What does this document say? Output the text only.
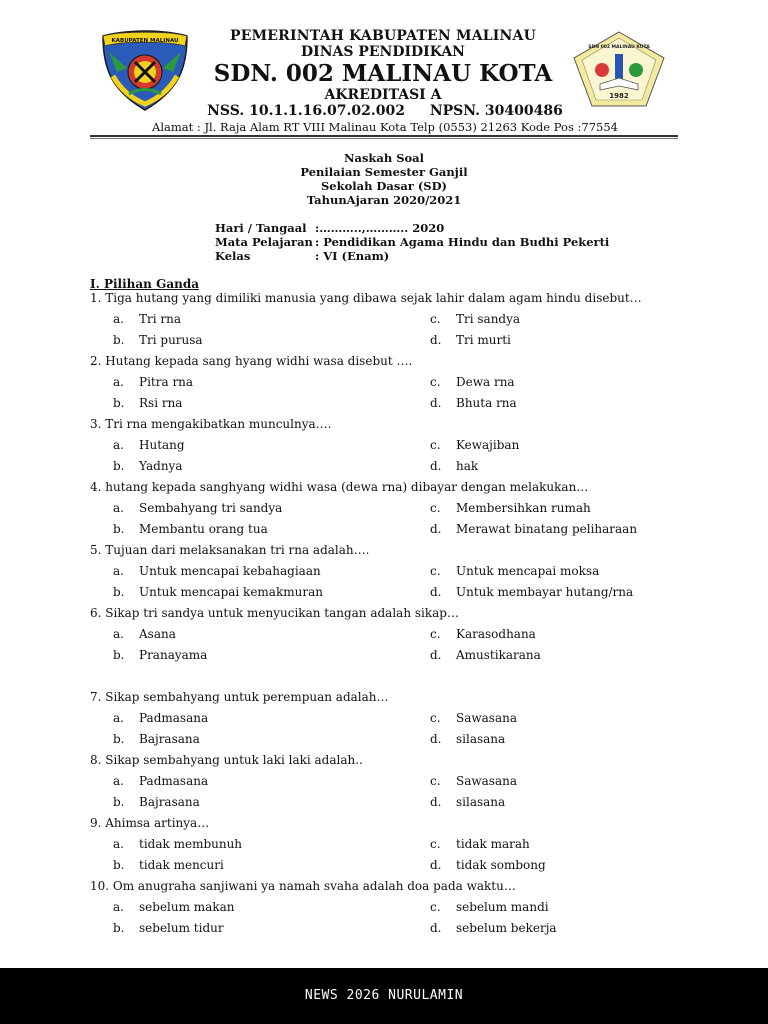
KABUPATEN MALINAU
SDN 002 MALINAU KOTA
1982
PEMERINTAH KABUPATEN MALINAU
DINAS PENDIDIKAN
SDN. 002 MALINAU KOTA
AKREDITASI A
NSS. 10.1.1.16.07.02.002 NPSN. 30400486
Alamat : Jl. Raja Alam RT VIII Malinau Kota Telp (0553) 21263 Kode Pos :77554
Naskah Soal
Penilaian Semester Ganjil
Sekolah Dasar (SD)
TahunAjaran 2020/2021
Hari / Tangaal :………..,……….. 2020
Mata Pelajaran : Pendidikan Agama Hindu dan Budhi Pekerti
Kelas	: VI (Enam)
I. Pilihan Ganda
1. Tiga hutang yang dimiliki manusia yang dibawa sejak lahir dalam agam hindu disebut…
a. Tri rna	c. Tri sandya
b. Tri purusa	d. Tri murti
2. Hutang kepada sang hyang widhi wasa disebut ….
a. Pitra rna	c. Dewa rna
b. Rsi rna	d. Bhuta rna
3. Tri rna mengakibatkan munculnya….
a. Hutang	c. Kewajiban
b. Yadnya	d. hak
4. hutang kepada sanghyang widhi wasa (dewa rna) dibayar dengan melakukan…
a. Sembahyang tri sandya	c. Membersihkan rumah
b. Membantu orang tua	d. Merawat binatang peliharaan
5. Tujuan dari melaksanakan tri rna adalah….
a. Untuk mencapai kebahagiaan	c. Untuk mencapai moksa
b. Untuk mencapai kemakmuran	d. Untuk membayar hutang/rna
6. Sikap tri sandya untuk menyucikan tangan adalah sikap…
a. Asana	c. Karasodhana
b. Pranayama	d. Amustikarana
7. Sikap sembahyang untuk perempuan adalah…
a. Padmasana	c. Sawasana
b. Bajrasana	d. silasana
8. Sikap sembahyang untuk laki laki adalah..
a. Padmasana	c. Sawasana
b. Bajrasana	d. silasana
9. Ahimsa artinya…
a. tidak membunuh	c. tidak marah
b. tidak mencuri	d. tidak sombong
10. Om anugraha sanjiwani ya namah svaha adalah doa pada waktu…
a. sebelum makan	c. sebelum mandi
b. sebelum tidur	d. sebelum bekerja
NEWS 2026 NURULAMIN
